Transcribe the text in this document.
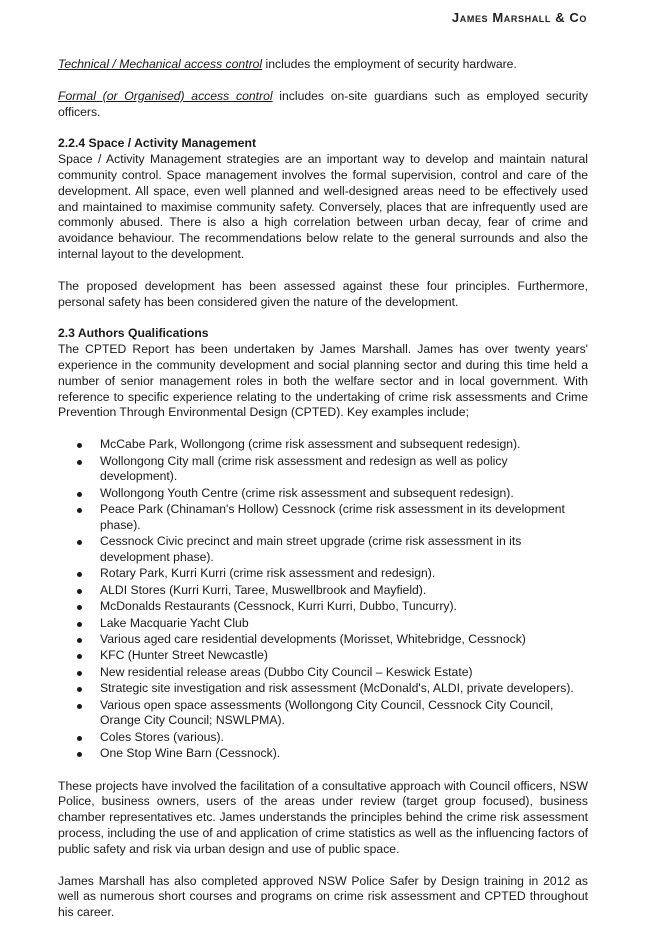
James Marshall & Co

Technical / Mechanical access control includes the employment of security hardware.

Formal (or Organised) access control includes on-site guardians such as employed security officers.

2.2.4 Space / Activity Management

Space / Activity Management strategies are an important way to develop and maintain natural community control. Space management involves the formal supervision, control and care of the development. All space, even well planned and well-designed areas need to be effectively used and maintained to maximise community safety. Conversely, places that are infrequently used are commonly abused. There is also a high correlation between urban decay, fear of crime and avoidance behaviour. The recommendations below relate to the general surrounds and also the internal layout to the development.

The proposed development has been assessed against these four principles. Furthermore, personal safety has been considered given the nature of the development.

2.3 Authors Qualifications

The CPTED Report has been undertaken by James Marshall. James has over twenty years' experience in the community development and social planning sector and during this time held a number of senior management roles in both the welfare sector and in local government. With reference to specific experience relating to the undertaking of crime risk assessments and Crime Prevention Through Environmental Design (CPTED). Key examples include;

McCabe Park, Wollongong (crime risk assessment and subsequent redesign).
Wollongong City mall (crime risk assessment and redesign as well as policy development).
Wollongong Youth Centre (crime risk assessment and subsequent redesign).
Peace Park (Chinaman's Hollow) Cessnock (crime risk assessment in its development phase).
Cessnock Civic precinct and main street upgrade (crime risk assessment in its development phase).
Rotary Park, Kurri Kurri (crime risk assessment and redesign).
ALDI Stores (Kurri Kurri, Taree, Muswellbrook and Mayfield).
McDonalds Restaurants (Cessnock, Kurri Kurri, Dubbo, Tuncurry).
Lake Macquarie Yacht Club
Various aged care residential developments (Morisset, Whitebridge, Cessnock)
KFC (Hunter Street Newcastle)
New residential release areas (Dubbo City Council – Keswick Estate)
Strategic site investigation and risk assessment (McDonald's, ALDI, private developers).
Various open space assessments (Wollongong City Council, Cessnock City Council, Orange City Council; NSWLPMA).
Coles Stores (various).
One Stop Wine Barn (Cessnock).

These projects have involved the facilitation of a consultative approach with Council officers, NSW Police, business owners, users of the areas under review (target group focused), business chamber representatives etc. James understands the principles behind the crime risk assessment process, including the use of and application of crime statistics as well as the influencing factors of public safety and risk via urban design and use of public space.

James Marshall has also completed approved NSW Police Safer by Design training in 2012 as well as numerous short courses and programs on crime risk assessment and CPTED throughout his career.
